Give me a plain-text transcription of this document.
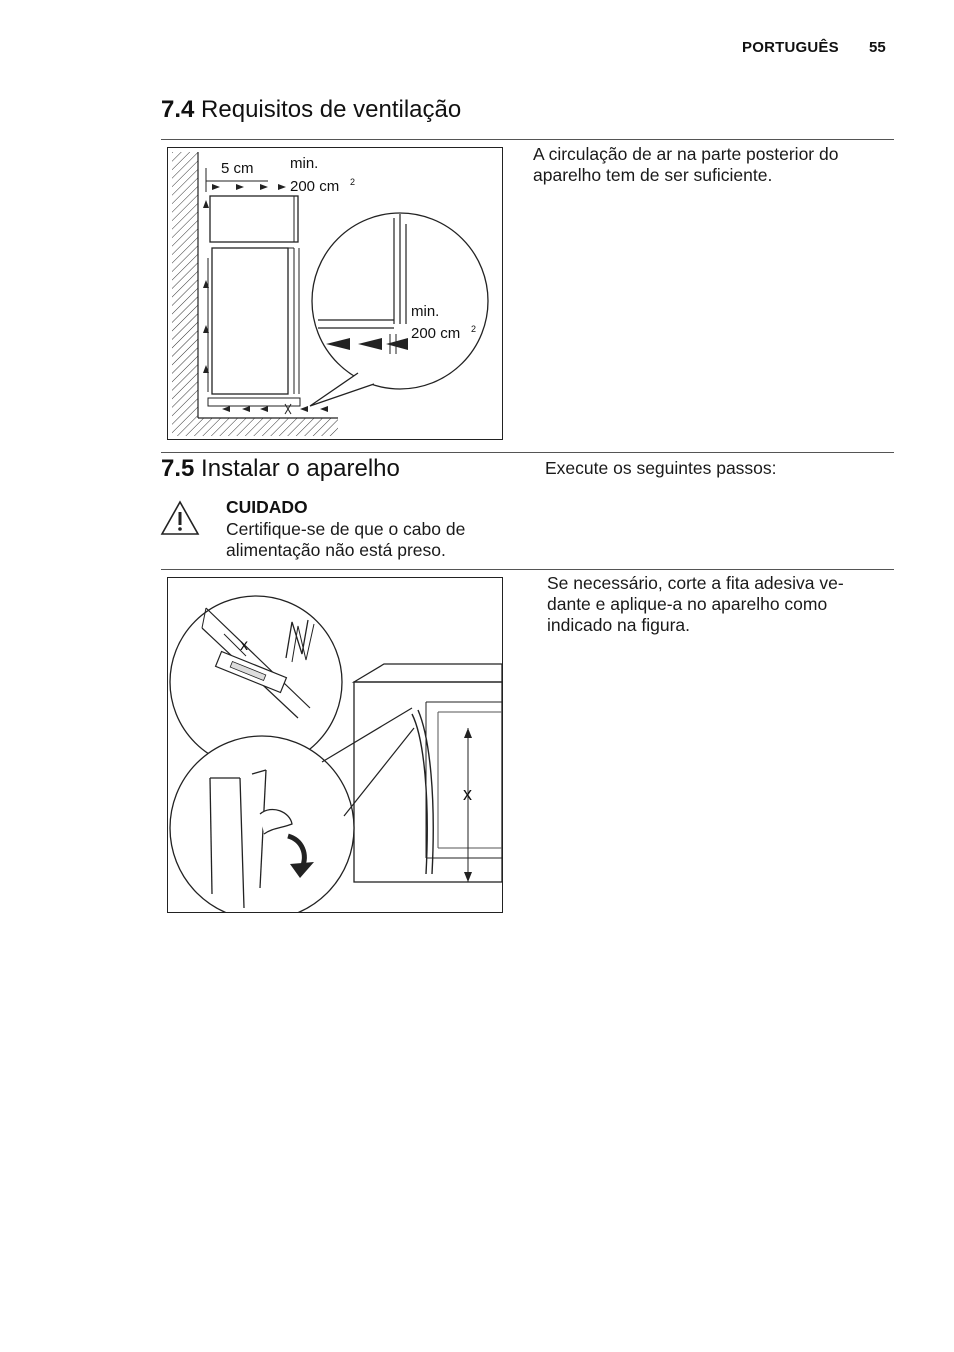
PORTUGUÊS 55
7.4 Requisitos de ventilação
5 cm min.
200 cm 2
min.
200 cm 2
A circulação de ar na parte posterior do aparelho tem de ser suficiente.
7.5 Instalar o aparelho	Execute os seguintes passos:
CUIDADO
Certifique-se de que o cabo de alimentação não está preso.
x
x
Se necessário, corte a fita adesiva ve-dante e aplique-a no aparelho como indicado na figura.
